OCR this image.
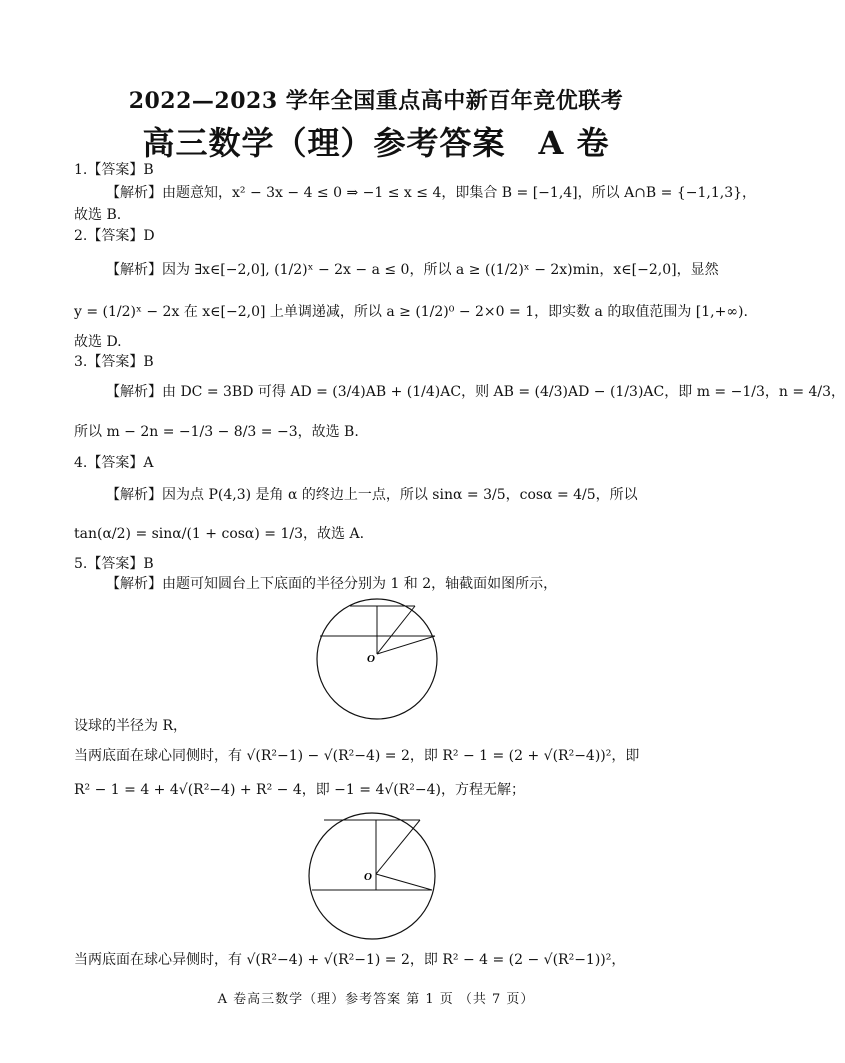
2022—2023 学年全国重点高中新百年竞优联考
高三数学（理）参考答案　A 卷
1.【答案】B
【解析】由题意知，x² − 3x − 4 ≤ 0 ⇒ −1 ≤ x ≤ 4，即集合 B = [−1,4]，所以 A∩B = {−1,1,3}，
故选 B.
2.【答案】D
【解析】因为 ∃x∈[−2,0], (1/2)ˣ − 2x − a ≤ 0，所以 a ≥ ((1/2)ˣ − 2x)min，x∈[−2,0]，显然
y = (1/2)ˣ − 2x 在 x∈[−2,0] 上单调递减，所以 a ≥ (1/2)⁰ − 2×0 = 1，即实数 a 的取值范围为 [1,+∞).
故选 D.
3.【答案】B
【解析】由 DC = 3BD 可得 AD = (3/4)AB + (1/4)AC，则 AB = (4/3)AD − (1/3)AC，即 m = −1/3，n = 4/3，
所以 m − 2n = −1/3 − 8/3 = −3，故选 B.
4.【答案】A
【解析】因为点 P(4,3) 是角 α 的终边上一点，所以 sinα = 3/5，cosα = 4/5，所以
tan(α/2) = sinα/(1 + cosα) = 1/3，故选 A.
5.【答案】B
【解析】由题可知圆台上下底面的半径分别为 1 和 2，轴截面如图所示，
O
设球的半径为 R，
当两底面在球心同侧时，有 √(R²−1) − √(R²−4) = 2，即 R² − 1 = (2 + √(R²−4))²，即
R² − 1 = 4 + 4√(R²−4) + R² − 4，即 −1 = 4√(R²−4)，方程无解；
O
当两底面在球心异侧时，有 √(R²−4) + √(R²−1) = 2，即 R² − 4 = (2 − √(R²−1))²，
A 卷高三数学（理）参考答案 第 1 页 （共 7 页）
